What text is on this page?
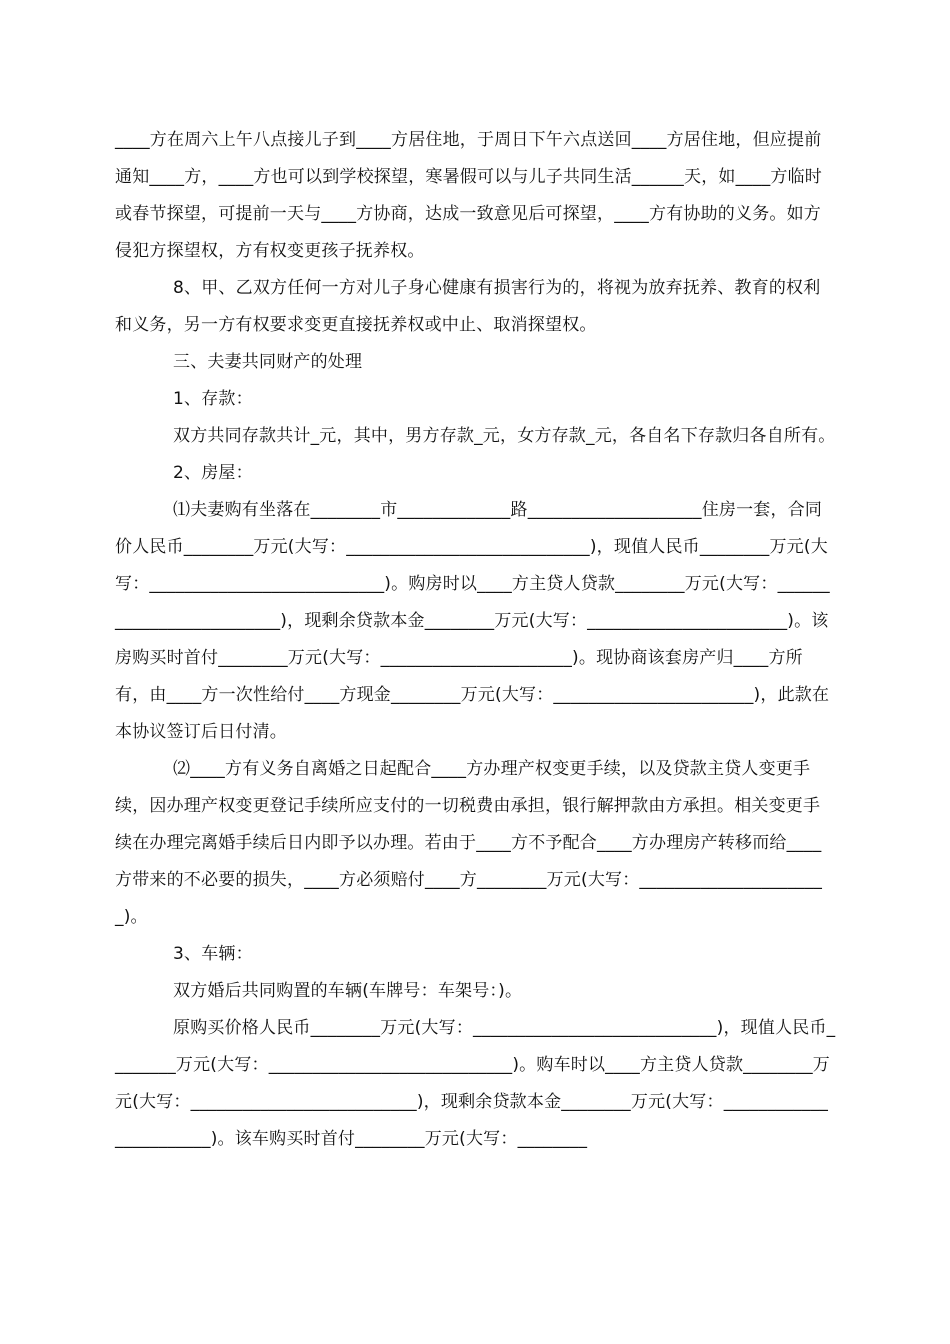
____方在周六上午八点接儿子到____方居住地，于周日下午六点送回____方居住地，但应提前通知____方，____方也可以到学校探望，寒暑假可以与儿子共同生活______天，如____方临时或春节探望，可提前一天与____方协商，达成一致意见后可探望，____方有协助的义务。如方侵犯方探望权，方有权变更孩子抚养权。

8、甲、乙双方任何一方对儿子身心健康有损害行为的，将视为放弃抚养、教育的权利和义务，另一方有权要求变更直接抚养权或中止、取消探望权。

三、夫妻共同财产的处理

1、存款：

双方共同存款共计_元，其中，男方存款_元，女方存款_元，各自名下存款归各自所有。

2、房屋：

⑴夫妻购有坐落在________市_____________路____________________住房一套，合同价人民币________万元(大写：____________________________)，现值人民币________万元(大写：___________________________)。购房时以____方主贷人贷款________万元(大写：_________________________)，现剩余贷款本金________万元(大写：_______________________)。该房购买时首付________万元(大写：______________________)。现协商该套房产归____方所有，由____方一次性给付____方现金________万元(大写：_______________________)，此款在本协议签订后日付清。

⑵____方有义务自离婚之日起配合____方办理产权变更手续，以及贷款主贷人变更手续，因办理产权变更登记手续所应支付的一切税费由承担，银行解押款由方承担。相关变更手续在办理完离婚手续后日内即予以办理。若由于____方不予配合____方办理房产转移而给____方带来的不必要的损失，____方必须赔付____方________万元(大写：______________________)。

3、车辆：

双方婚后共同购置的车辆(车牌号：车架号：)。

原购买价格人民币________万元(大写：____________________________)，现值人民币________万元(大写：____________________________)。购车时以____方主贷人贷款________万元(大写：__________________________)，现剩余贷款本金________万元(大写：_______________________)。该车购买时首付________万元(大写：________
